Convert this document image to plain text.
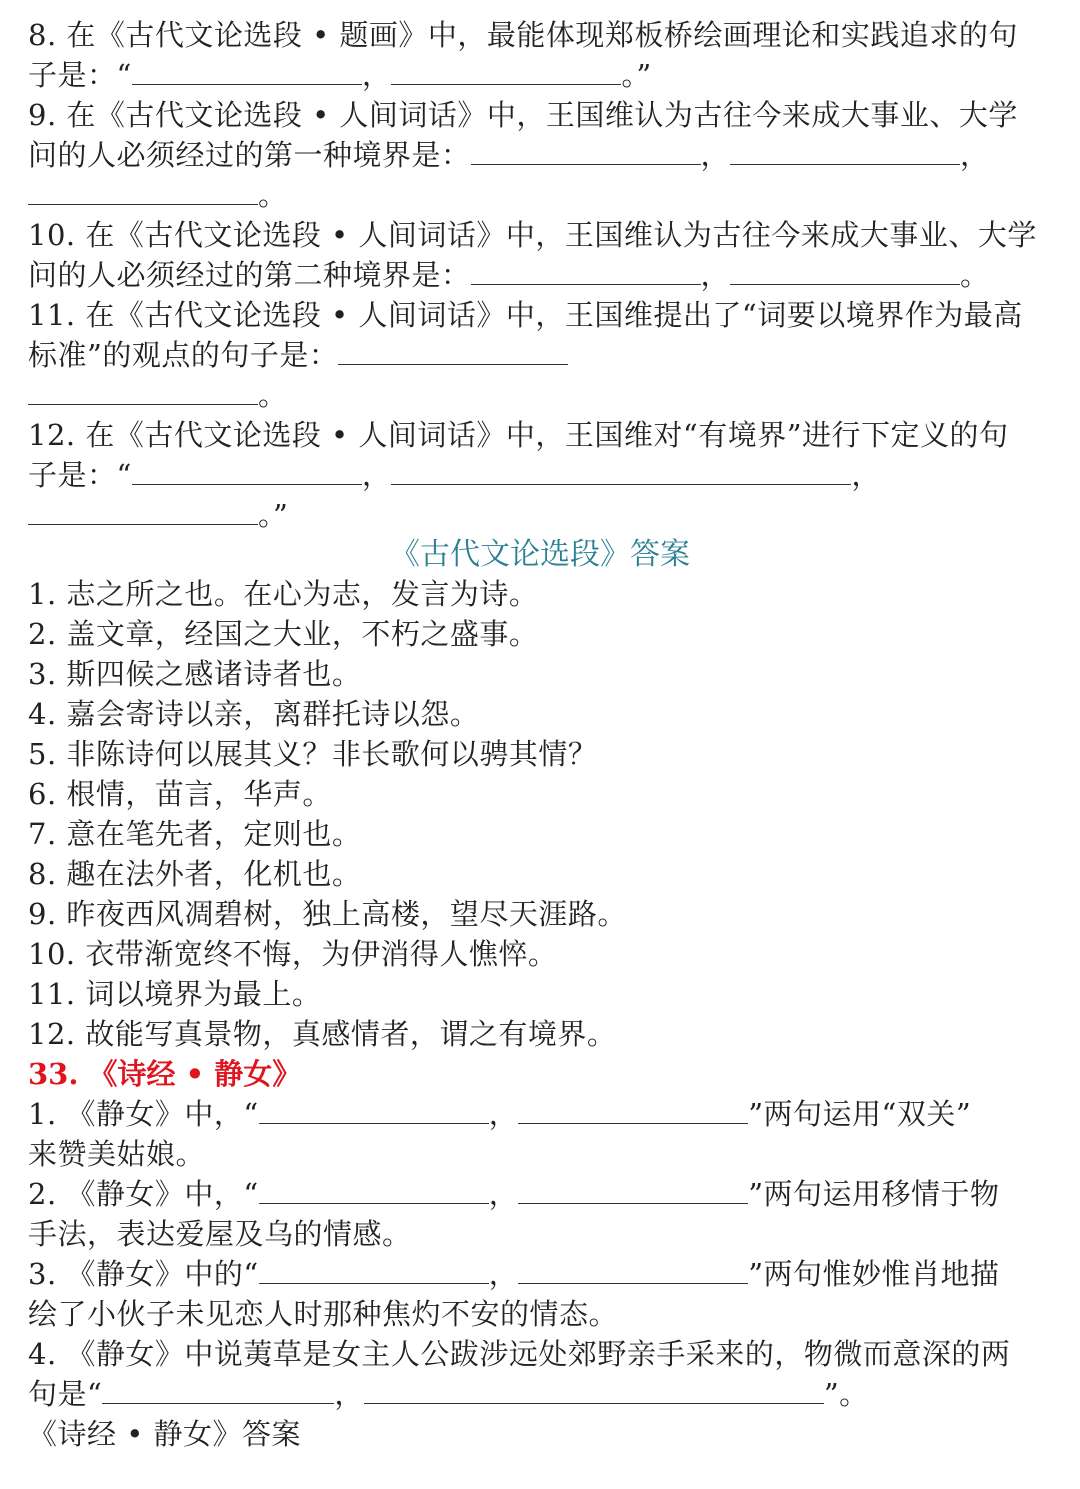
8. 在《古代文论选段 • 题画》中，最能体现郑板桥绘画理论和实践追求的句
子是：“	，	。”
9. 在《古代文论选段 • 人间词话》中，王国维认为古往今来成大事业、大学
问的人必须经过的第一种境界是：	，	，
。
10. 在《古代文论选段 • 人间词话》中，王国维认为古往今来成大事业、大学
问的人必须经过的第二种境界是：	，	。
11. 在《古代文论选段 • 人间词话》中，王国维提出了“词要以境界作为最高
标准”的观点的句子是：
。
12. 在《古代文论选段 • 人间词话》中，王国维对“有境界”进行下定义的句
子是：“	，	，
。”
《古代文论选段》答案
1. 志之所之也。在心为志，发言为诗。
2. 盖文章，经国之大业，不朽之盛事。
3. 斯四候之感诸诗者也。
4. 嘉会寄诗以亲，离群托诗以怨。
5. 非陈诗何以展其义？非长歌何以骋其情？
6. 根情，苗言，华声。
7. 意在笔先者，定则也。
8. 趣在法外者，化机也。
9. 昨夜西风凋碧树，独上高楼，望尽天涯路。
10. 衣带渐宽终不悔，为伊消得人憔悴。
11. 词以境界为最上。
12. 故能写真景物，真感情者，谓之有境界。
33. 《诗经 • 静女》
1. 《静女》中，“	，	”两句运用“双关”
来赞美姑娘。
2. 《静女》中，“	，	”两句运用移情于物
手法，表达爱屋及乌的情感。
3. 《静女》中的“	，	”两句惟妙惟肖地描
绘了小伙子未见恋人时那种焦灼不安的情态。
4. 《静女》中说荑草是女主人公跋涉远处郊野亲手采来的，物微而意深的两
句是“	，	”。
《诗经 • 静女》答案
